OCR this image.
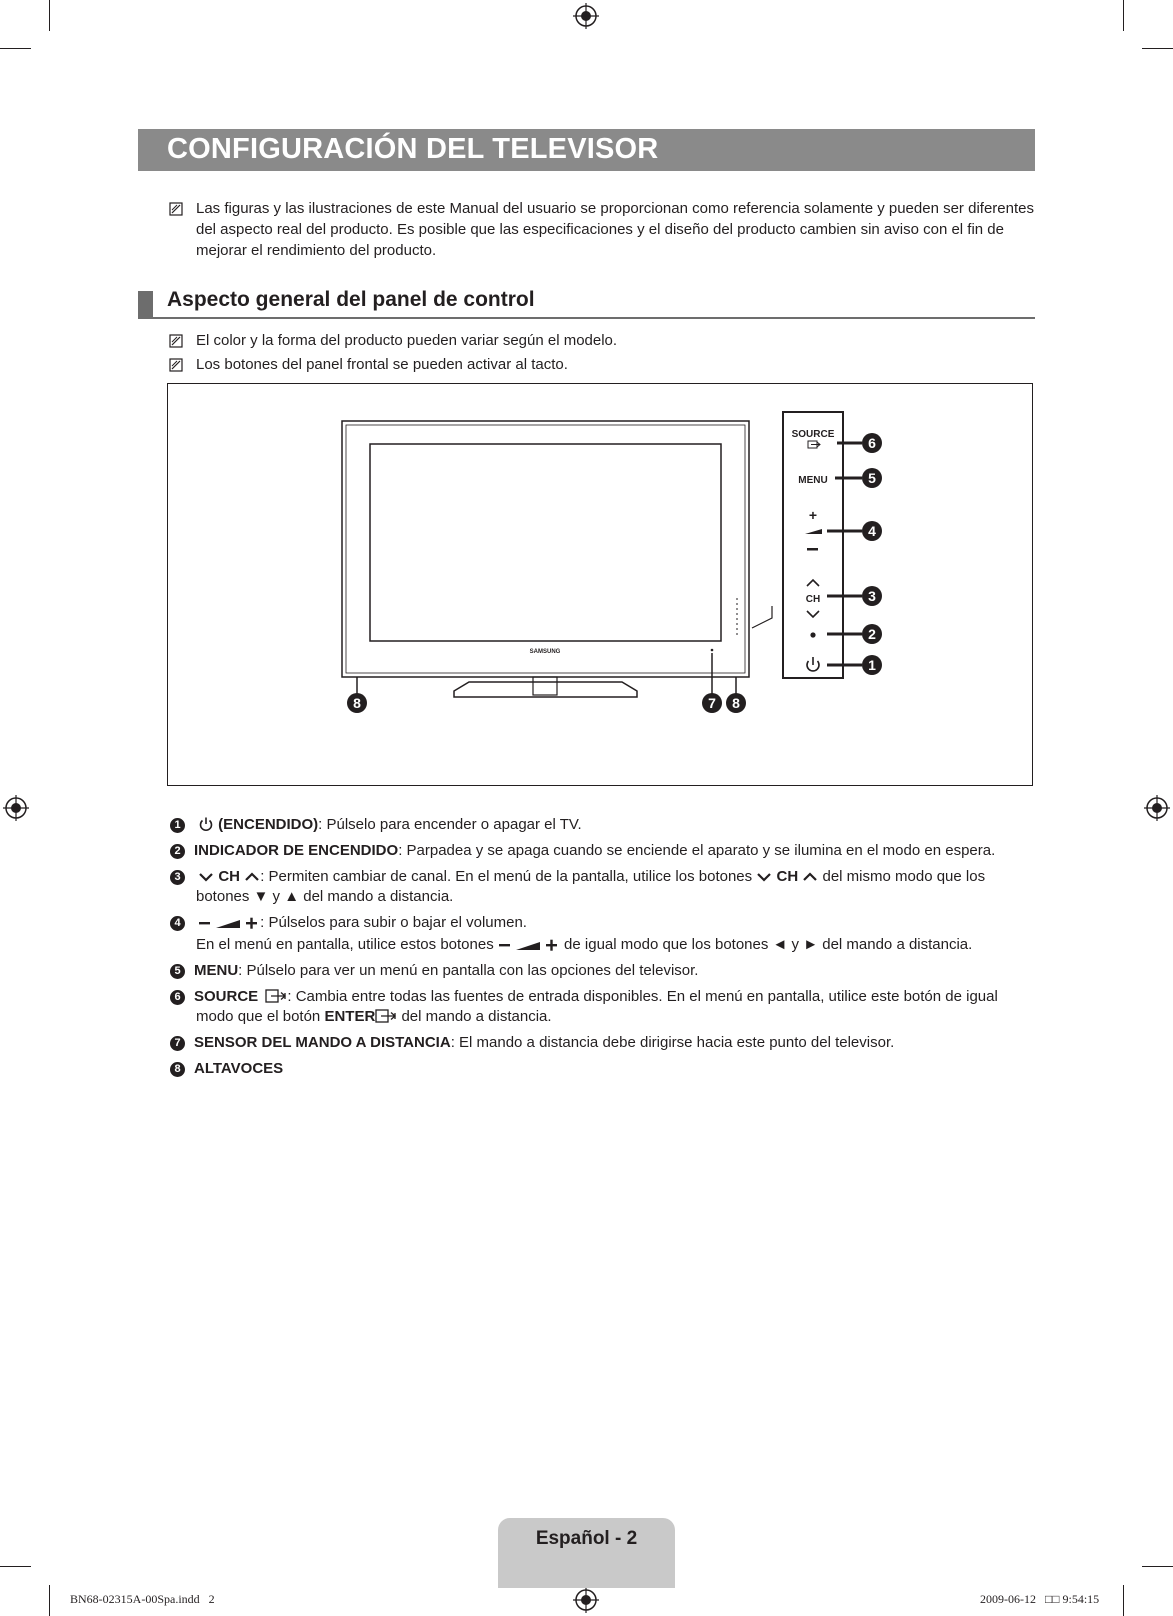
CONFIGURACIÓN DEL TELEVISOR
Las figuras y las ilustraciones de este Manual del usuario se proporcionan como referencia solamente y pueden ser diferentes del aspecto real del producto. Es posible que las especificaciones y el diseño del producto cambien sin aviso con el fin de mejorar el rendimiento del producto.
Aspecto general del panel de control
El color y la forma del producto pueden variar según el modelo.
Los botones del panel frontal se pueden activar al tacto.
SAMSUNG
SOURCE
MENU
+
CH
6
5
4
3
2
1
8	7 8
1	(ENCENDIDO): Púlselo para encender o apagar el TV.
2 INDICADOR DE ENCENDIDO: Parpadea y se apaga cuando se enciende el aparato y se ilumina en el modo en espera.
3	CH : Permiten cambiar de canal. En el menú de la pantalla, utilice los botones CH del mismo modo que los
botones ▼ y ▲ del mando a distancia.
4	: Púlselos para subir o bajar el volumen.
En el menú en pantalla, utilice estos botones	de igual modo que los botones ◄ y ► del mando a distancia.
5 MENU: Púlselo para ver un menú en pantalla con las opciones del televisor.
6 SOURCE : Cambia entre todas las fuentes de entrada disponibles. En el menú en pantalla, utilice este botón de igual
modo que el botón ENTER del mando a distancia.
7 SENSOR DEL MANDO A DISTANCIA: El mando a distancia debe dirigirse hacia este punto del televisor.
8 ALTAVOCES
Español - 2
BN68-02315A-00Spa.indd   2	2009-06-12   □□ 9:54:15
